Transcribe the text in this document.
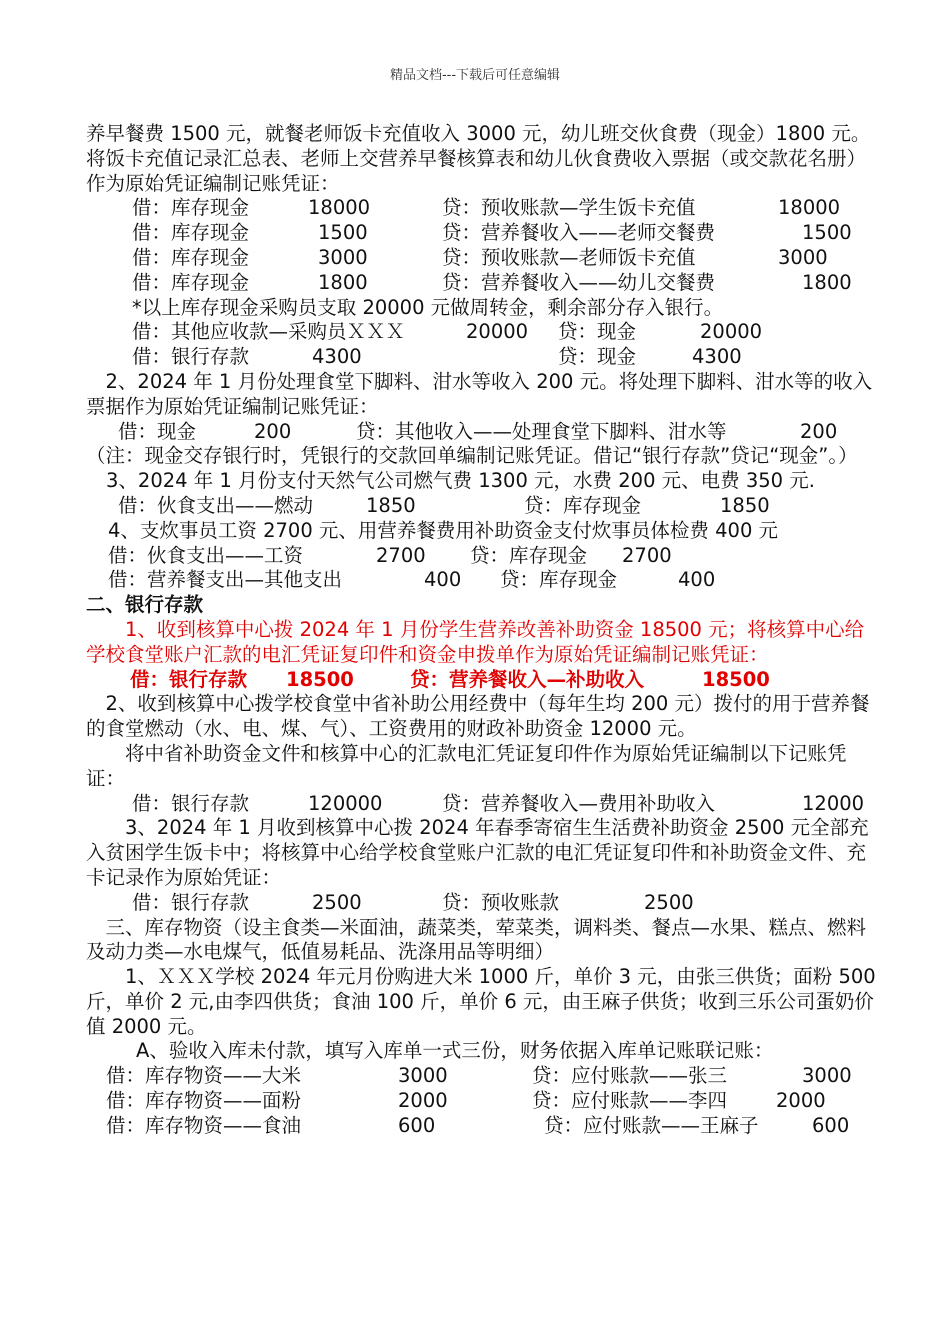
精品文档---下载后可任意编辑
养早餐费 1500 元，就餐老师饭卡充值收入 3000 元，幼儿班交伙食费（现金）1800 元。将饭卡充值记录汇总表、老师上交营养早餐核算表和幼儿伙食费收入票据（或交款花名册）作为原始凭证编制记账凭证：
借：库存现金	18000	贷：预收账款—学生饭卡充值	18000
借：库存现金	1500	贷：营养餐收入——老师交餐费	1500
借：库存现金	3000	贷：预收账款—老师饭卡充值	3000
借：库存现金	1800	贷：营养餐收入——幼儿交餐费	1800
*以上库存现金采购员支取 20000 元做周转金，剩余部分存入银行。
借：其他应收款—采购员ＸＸＸ	20000 贷：现金	20000
借：银行存款	4300	贷：现金	4300
　2、2024 年 1 月份处理食堂下脚料、泔水等收入 200 元。将处理下脚料、泔水等的收入票据作为原始凭证编制记账凭证：
借：现金	200	贷：其他收入——处理食堂下脚料、泔水等	200
（注：现金交存银行时，凭银行的交款回单编制记账凭证。借记“银行存款”贷记“现金”。）
3、2024 年 1 月份支付天然气公司燃气费 1300 元，水费 200 元、电费 350 元.
借：伙食支出——燃动	1850	贷：库存现金	1850
4、支炊事员工资 2700 元、用营养餐费用补助资金支付炊事员体检费 400 元
借：伙食支出——工资	2700 贷：库存现金 2700
借：营养餐支出—其他支出	400 贷：库存现金	400
二、银行存款
　　1、收到核算中心拨 2024 年 1 月份学生营养改善补助资金 18500 元；将核算中心给学校食堂账户汇款的电汇凭证复印件和资金申拨单作为原始凭证编制记账凭证：
借：银行存款 18500	贷：营养餐收入—补助收入	18500
　2、收到核算中心拨学校食堂中省补助公用经费中（每年生均 200 元）拨付的用于营养餐的食堂燃动（水、电、煤、气）、工资费用的财政补助资金 12000 元。
　　将中省补助资金文件和核算中心的汇款电汇凭证复印件作为原始凭证编制以下记账凭证：
借：银行存款	120000	贷：营养餐收入—费用补助收入	12000
　　3、2024 年 1 月收到核算中心拨 2024 年春季寄宿生生活费补助资金 2500 元全部充入贫困学生饭卡中；将核算中心给学校食堂账户汇款的电汇凭证复印件和补助资金文件、充卡记录作为原始凭证：
借：银行存款	2500	贷：预收账款	2500
　三、库存物资（设主食类—米面油，蔬菜类，荤菜类，调料类、餐点—水果、糕点、燃料及动力类—水电煤气，低值易耗品、洗涤用品等明细）
　　1、ＸＸＸ学校 2024 年元月份购进大米 1000 斤，单价 3 元，由张三供货；面粉 500 斤，单价 2 元,由李四供货；食油 100 斤，单价 6 元，由王麻子供货；收到三乐公司蛋奶价值 2000 元。
A、验收入库未付款，填写入库单一式三份，财务依据入库单记账联记账：
借：库存物资——大米	3000	贷：应付账款——张三	3000
借：库存物资——面粉	2000	贷：应付账款——李四	2000
借：库存物资——食油	600	贷：应付账款——王麻子	600
